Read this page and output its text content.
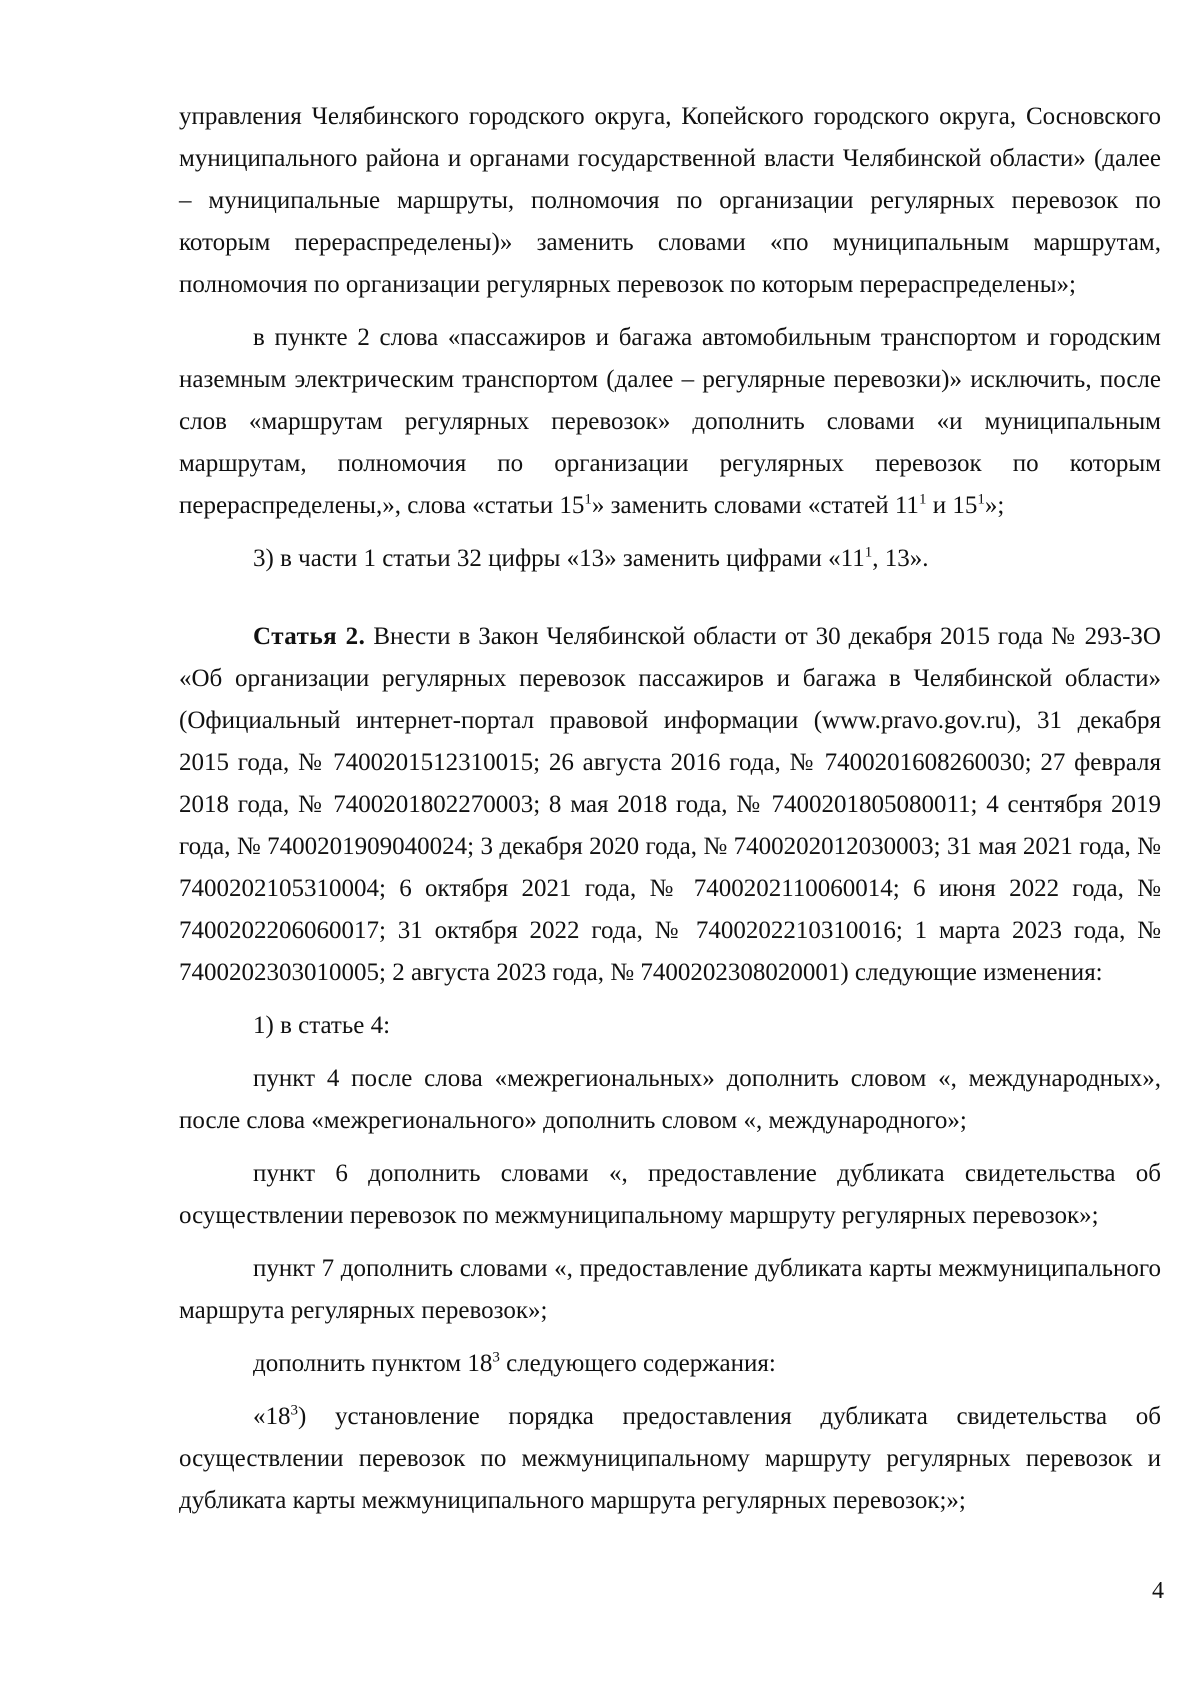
управления Челябинского городского округа, Копейского городского округа, Сосновского муниципального района и органами государственной власти Челябинской области» (далее – муниципальные маршруты, полномочия по организации регулярных перевозок по которым перераспределены)» заменить словами «по муниципальным маршрутам, полномочия по организации регулярных перевозок по которым перераспределены»;

в пункте 2 слова «пассажиров и багажа автомобильным транспортом и городским наземным электрическим транспортом (далее – регулярные перевозки)» исключить, после слов «маршрутам регулярных перевозок» дополнить словами «и муниципальным маршрутам, полномочия по организации регулярных перевозок по которым перераспределены,», слова «статьи $15^1$» заменить словами «статей $11^1$ и $15^1$»;

3) в части 1 статьи 32 цифры «13» заменить цифрами «$11^1$, 13».

Статья 2. Внести в Закон Челябинской области от 30 декабря 2015 года № 293-ЗО «Об организации регулярных перевозок пассажиров и багажа в Челябинской области» (Официальный интернет-портал правовой информации (www.pravo.gov.ru), 31 декабря 2015 года, № 7400201512310015; 26 августа 2016 года, № 7400201608260030; 27 февраля 2018 года, № 7400201802270003; 8 мая 2018 года, № 7400201805080011; 4 сентября 2019 года, № 7400201909040024; 3 декабря 2020 года, № 7400202012030003; 31 мая 2021 года, № 7400202105310004; 6 октября 2021 года, № 7400202110060014; 6 июня 2022 года, № 7400202206060017; 31 октября 2022 года, № 7400202210310016; 1 марта 2023 года, № 7400202303010005; 2 августа 2023 года, № 7400202308020001) следующие изменения:

1) в статье 4:

пункт 4 после слова «межрегиональных» дополнить словом «, международных», после слова «межрегионального» дополнить словом «, международного»;

пункт 6 дополнить словами «, предоставление дубликата свидетельства об осуществлении перевозок по межмуниципальному маршруту регулярных перевозок»;

пункт 7 дополнить словами «, предоставление дубликата карты межмуниципального маршрута регулярных перевозок»;

дополнить пунктом $18^3$ следующего содержания:

«$18^3$) установление порядка предоставления дубликата свидетельства об осуществлении перевозок по межмуниципальному маршруту регулярных перевозок и дубликата карты межмуниципального маршрута регулярных перевозок;»;

4
